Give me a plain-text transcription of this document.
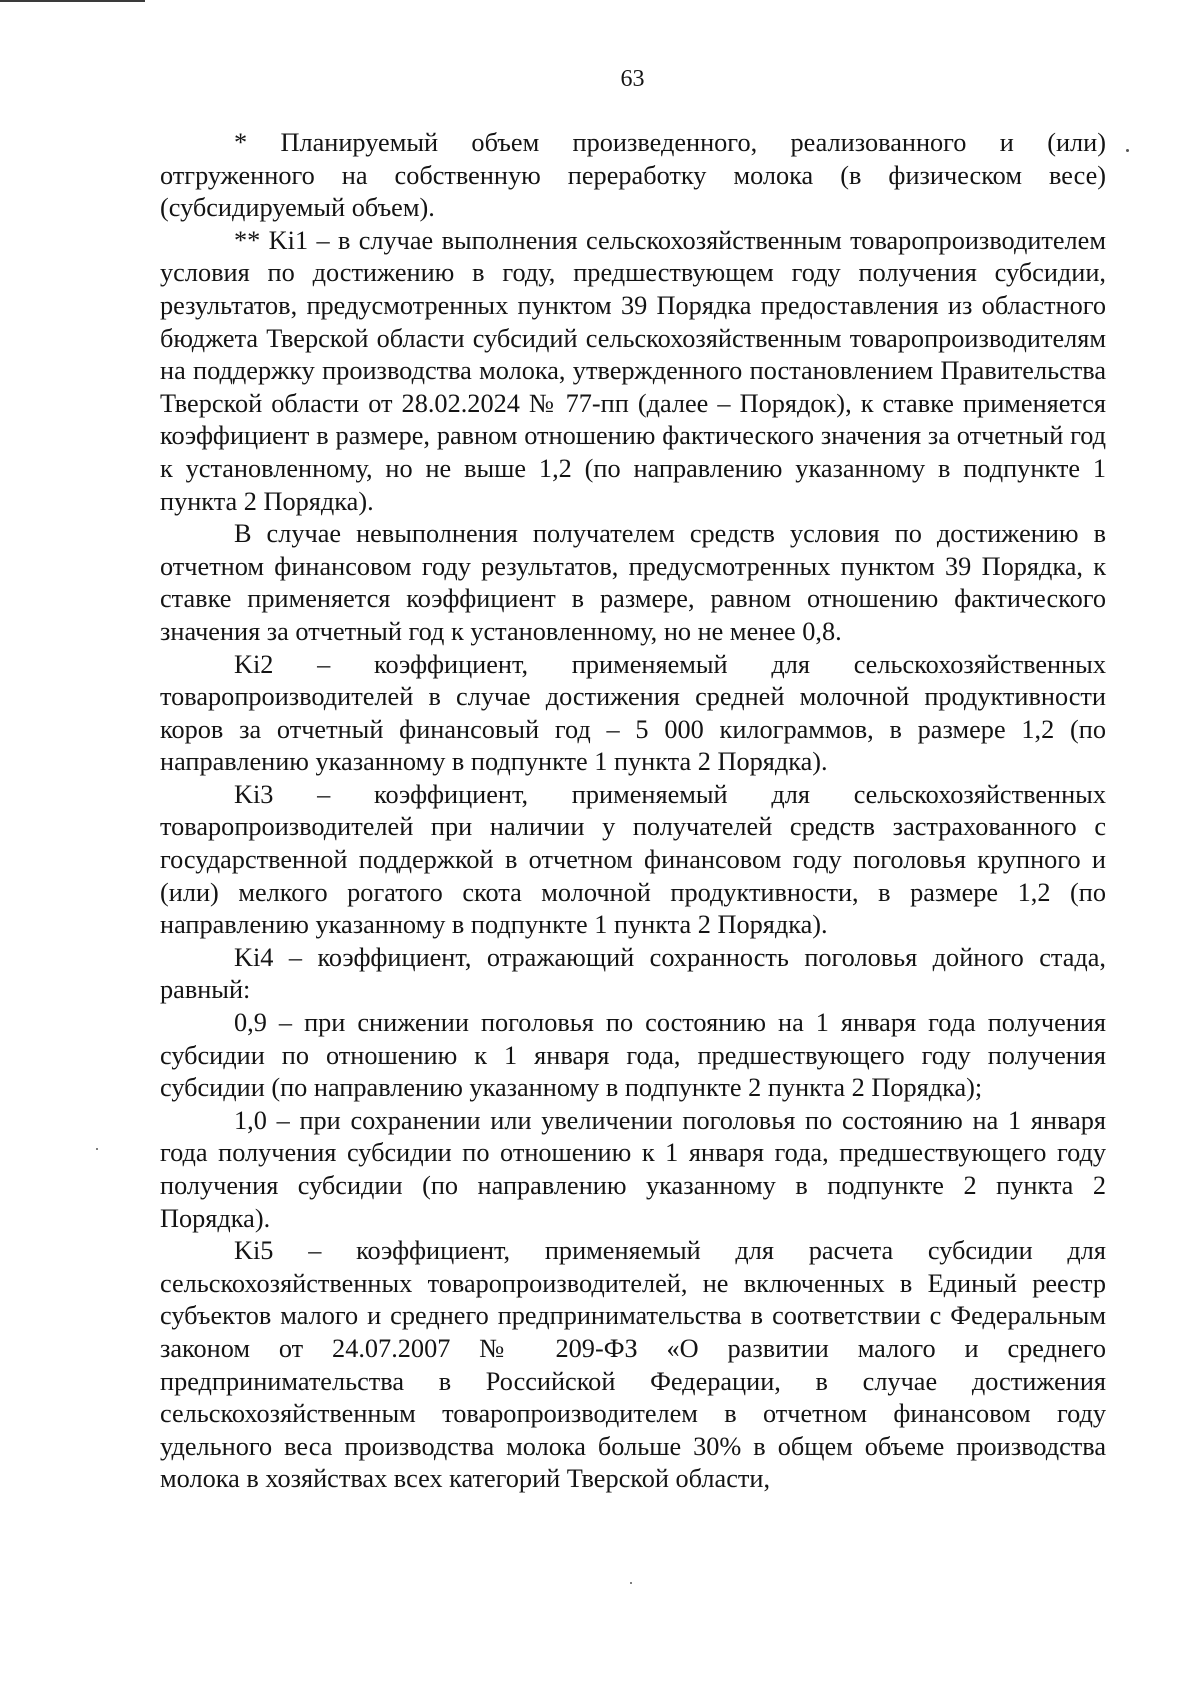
63

* Планируемый объем произведенного, реализованного и (или) отгруженного на собственную переработку молока (в физическом весе) (субсидируемый объем).

** Ki1 – в случае выполнения сельскохозяйственным товаропроизводителем условия по достижению в году, предшествующем году получения субсидии, результатов, предусмотренных пунктом 39 Порядка предоставления из областного бюджета Тверской области субсидий сельскохозяйственным товаропроизводителям на поддержку производства молока, утвержденного постановлением Правительства Тверской области от 28.02.2024 № 77-пп (далее – Порядок), к ставке применяется коэффициент в размере, равном отношению фактического значения за отчетный год к установленному, но не выше 1,2 (по направлению указанному в подпункте 1 пункта 2 Порядка).

В случае невыполнения получателем средств условия по достижению в отчетном финансовом году результатов, предусмотренных пунктом 39 Порядка, к ставке применяется коэффициент в размере, равном отношению фактического значения за отчетный год к установленному, но не менее 0,8.

Ki2 – коэффициент, применяемый для сельскохозяйственных товаропроизводителей в случае достижения средней молочной продуктивности коров за отчетный финансовый год – 5 000 килограммов, в размере 1,2 (по направлению указанному в подпункте 1 пункта 2 Порядка).

Ki3 – коэффициент, применяемый для сельскохозяйственных товаропроизводителей при наличии у получателей средств застрахованного с государственной поддержкой в отчетном финансовом году поголовья крупного и (или) мелкого рогатого скота молочной продуктивности, в размере 1,2 (по направлению указанному в подпункте 1 пункта 2 Порядка).

Ki4 – коэффициент, отражающий сохранность поголовья дойного стада, равный:

0,9 – при снижении поголовья по состоянию на 1 января года получения субсидии по отношению к 1 января года, предшествующего году получения субсидии (по направлению указанному в подпункте 2 пункта 2 Порядка);

1,0 – при сохранении или увеличении поголовья по состоянию на 1 января года получения субсидии по отношению к 1 января года, предшествующего году получения субсидии (по направлению указанному в подпункте 2 пункта 2 Порядка).

Ki5 – коэффициент, применяемый для расчета субсидии для сельскохозяйственных товаропроизводителей, не включенных в Единый реестр субъектов малого и среднего предпринимательства в соответствии с Федеральным законом от 24.07.2007 № 209-ФЗ «О развитии малого и среднего предпринимательства в Российской Федерации, в случае достижения сельскохозяйственным товаропроизводителем в отчетном финансовом году удельного веса производства молока больше 30% в общем объеме производства молока в хозяйствах всех категорий Тверской области,
